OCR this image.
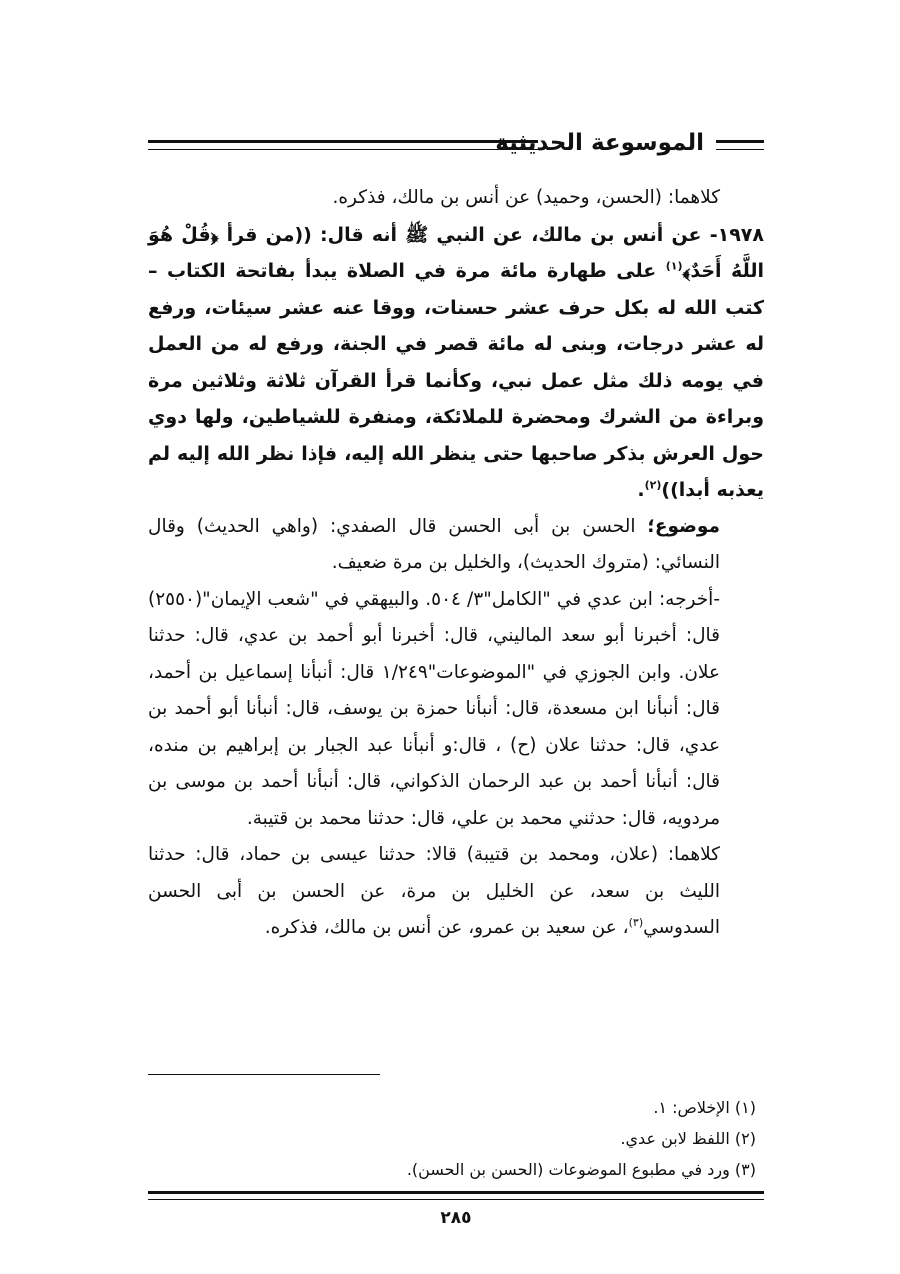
الموسوعة الحديثية

كلاهما: (الحسن، وحميد) عن أنس بن مالك، فذكره.

١٩٧٨- عن أنس بن مالك، عن النبي ﷺ أنه قال: ((من قرأ ﴿قُلْ هُوَ اللَّهُ أَحَدٌ﴾$^{(١)}$ على طهارة مائة مرة في الصلاة يبدأ بفاتحة الكتاب – كتب الله له بكل حرف عشر حسنات، ووقا عنه عشر سيئات، ورفع له عشر درجات، وبنى له مائة قصر في الجنة، ورفع له من العمل في يومه ذلك مثل عمل نبي، وكأنما قرأ القرآن ثلاثة وثلاثين مرة وبراءة من الشرك ومحضرة للملائكة، ومنفرة للشياطين، ولها دوي حول العرش بذكر صاحبها حتى ينظر الله إليه، فإذا نظر الله إليه لم يعذبه أبدا))$^{(٢)}$.

موضوع؛ الحسن بن أبى الحسن قال الصفدي: (واهي الحديث) وقال النسائي: (متروك الحديث)، والخليل بن مرة ضعيف.

-أخرجه: ابن عدي في "الكامل"٣/ ٥٠٤. والبيهقي في "شعب الإيمان"(٢٥٥٠) قال: أخبرنا أبو سعد الماليني، قال: أخبرنا أبو أحمد بن عدي، قال: حدثنا علان. وابن الجوزي في "الموضوعات"١/٢٤٩ قال: أنبأنا إسماعيل بن أحمد، قال: أنبأنا ابن مسعدة، قال: أنبأنا حمزة بن يوسف، قال: أنبأنا أبو أحمد بن عدي، قال: حدثنا علان (ح) ، قال:و أنبأنا عبد الجبار بن إبراهيم بن منده، قال: أنبأنا أحمد بن عبد الرحمان الذكواني، قال: أنبأنا أحمد بن موسى بن مردويه، قال: حدثني محمد بن علي، قال: حدثنا محمد بن قتيبة.

كلاهما: (علان، ومحمد بن قتيبة) قالا: حدثنا عيسى بن حماد، قال: حدثنا الليث بن سعد، عن الخليل بن مرة، عن الحسن بن أبى الحسن السدوسي$^{(٣)}$، عن سعيد بن عمرو، عن أنس بن مالك، فذكره.

(١) الإخلاص: ١.
(٢) اللفظ لابن عدي.
(٣) ورد في مطبوع الموضوعات (الحسن بن الحسن).
٢٨٥
